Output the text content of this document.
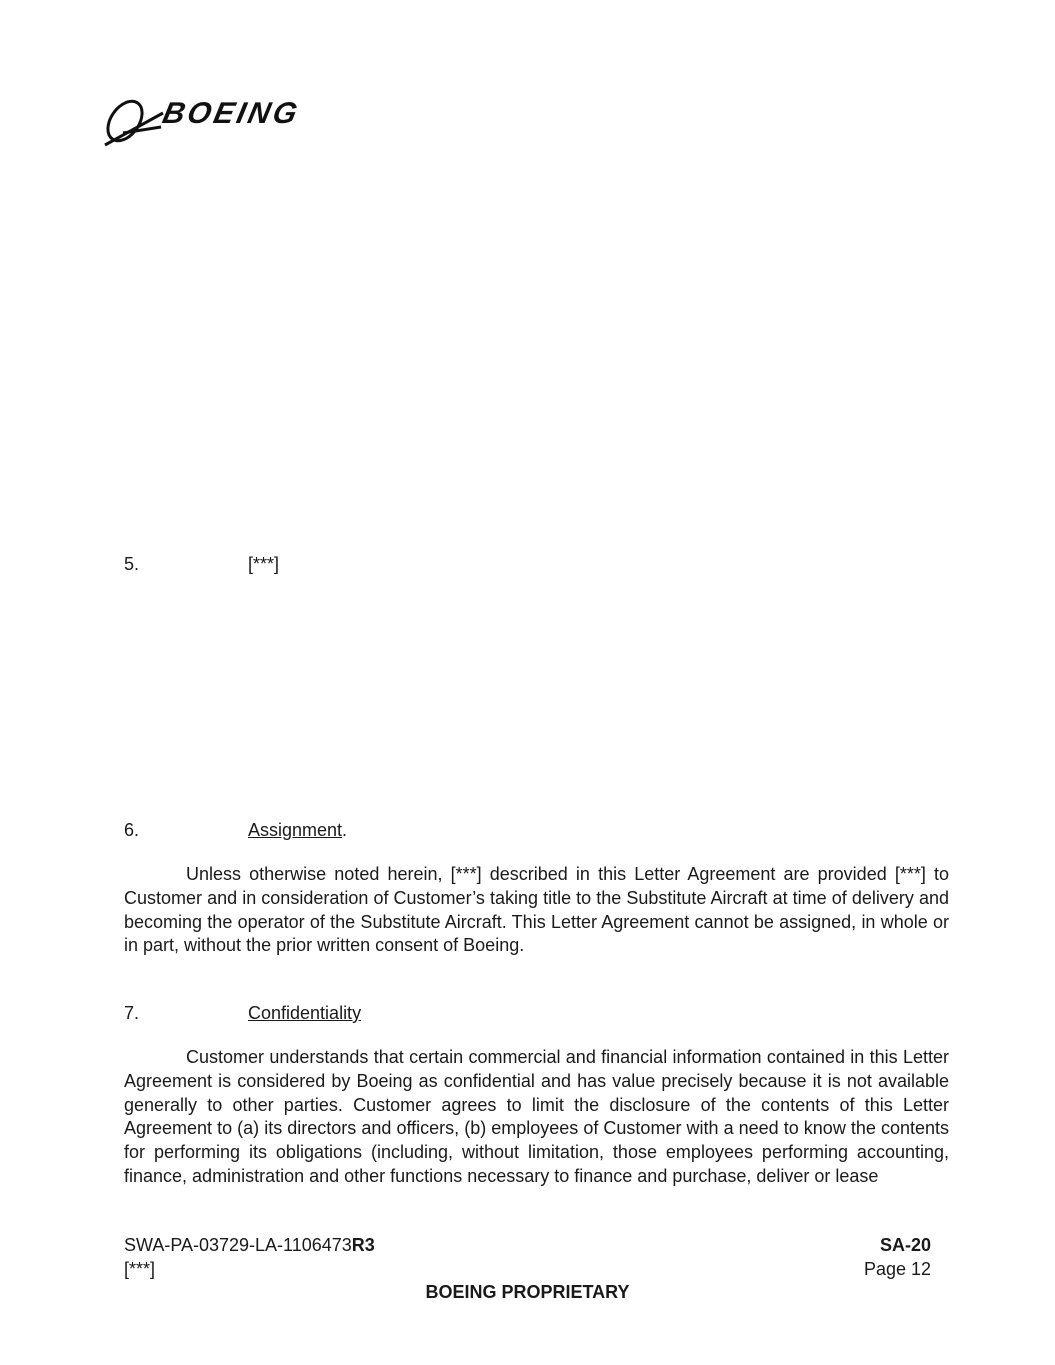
BOEING
5.	[***]
6.	Assignment.
Unless otherwise noted herein, [***] described in this Letter Agreement are provided [***] to Customer and in consideration of Customer’s taking title to the Substitute Aircraft at time of delivery and becoming the operator of the Substitute Aircraft. This Letter Agreement cannot be assigned, in whole or in part, without the prior written consent of Boeing.
7.	Confidentiality
Customer understands that certain commercial and financial information contained in this Letter Agreement is considered by Boeing as confidential and has value precisely because it is not available generally to other parties. Customer agrees to limit the disclosure of the contents of this Letter Agreement to (a) its directors and officers, (b) employees of Customer with a need to know the contents for performing its obligations (including, without limitation, those employees performing accounting, finance, administration and other functions necessary to finance and purchase, deliver or lease
SWA-PA-03729-LA-1106473R3
[***]
SA-20
Page 12
BOEING PROPRIETARY
